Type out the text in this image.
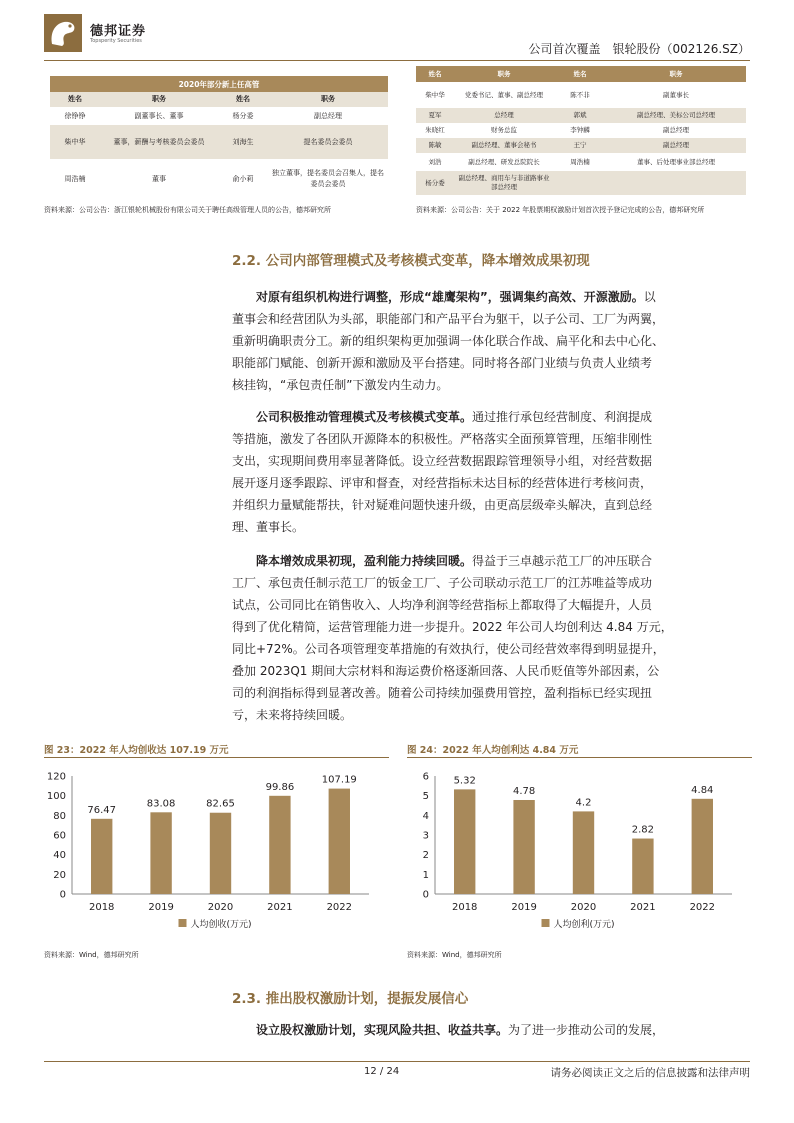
德邦证券
Topsperity Securities
公司首次覆盖　银轮股份（002126.SZ）
2020年部分新上任高管			
姓名	职务	姓名	职务
徐铮铮	副董事长、董事	杨分委	副总经理
柴中华	董事，薪酬与考核委员会委员	刘海生	提名委员会委员
周浩楠	董事	俞小莉	独立董事，提名委员会召集人，提名委员会委员
资料来源：公司公告：浙江银轮机械股份有限公司关于聘任高级管理人员的公告，德邦研究所
姓名	职务	姓名	职务
柴中华	党委书记、董事、副总经理	陈不非	副董事长
夏军	总经理	郭斌	副总经理、美标公司总经理
朱晓红	财务总监	李钟麟	副总经理
陈敏	副总经理、董事会秘书	王宁	副总经理
刘浩	副总经理、研发总院院长	周浩楠	董事、后处理事业部总经理
杨分委	副总经理、商用车与非道路事业部总经理		
资料来源：公司公告：关于 2022 年股票期权激励计划首次授予登记完成的公告，德邦研究所
2.2. 公司内部管理模式及考核模式变革，降本增效成果初现
对原有组织机构进行调整，形成“雄鹰架构”，强调集约高效、开源激励。以
董事会和经营团队为头部，职能部门和产品平台为躯干，以子公司、工厂为两翼，
重新明确职责分工。新的组织架构更加强调一体化联合作战、扁平化和去中心化、
职能部门赋能、创新开源和激励及平台搭建。同时将各部门业绩与负责人业绩考
核挂钩，“承包责任制”下激发内生动力。
公司积极推动管理模式及考核模式变革。通过推行承包经营制度、利润提成
等措施，激发了各团队开源降本的积极性。严格落实全面预算管理，压缩非刚性
支出，实现期间费用率显著降低。设立经营数据跟踪管理领导小组，对经营数据
展开逐月逐季跟踪、评审和督查，对经营指标未达目标的经营体进行考核问责，
并组织力量赋能帮扶，针对疑难问题快速升级，由更高层级牵头解决，直到总经
理、董事长。
降本增效成果初现，盈利能力持续回暖。得益于三卓越示范工厂的冲压联合
工厂、承包责任制示范工厂的钣金工厂、子公司联动示范工厂的江苏唯益等成功
试点，公司同比在销售收入、人均净利润等经营指标上都取得了大幅提升，人员
得到了优化精简，运营管理能力进一步提升。2022 年公司人均创利达 4.84 万元，
同比+72%。公司各项管理变革措施的有效执行，使公司经营效率得到明显提升，
叠加 2023Q1 期间大宗材料和海运费价格逐渐回落、人民币贬值等外部因素，公
司的利润指标得到显著改善。随着公司持续加强费用管控，盈利指标已经实现扭
亏，未来将持续回暖。
图 23：2022 年人均创收达 107.19 万元
0
20
40
60
80
100
120
76.47
2018
83.08
2019
82.65
2020
99.86
2021
107.19
2022
人均创收(万元)
资料来源：Wind，德邦研究所
图 24：2022 年人均创利达 4.84 万元
0
1
2
3
4
5
6 5.32
2018
4.78
2019
4.2
2020
2.82
2021
4.84
2022
人均创利(万元)
资料来源：Wind，德邦研究所
2.3. 推出股权激励计划，提振发展信心
设立股权激励计划，实现风险共担、收益共享。为了进一步推动公司的发展，
12 / 24	请务必阅读正文之后的信息披露和法律声明
